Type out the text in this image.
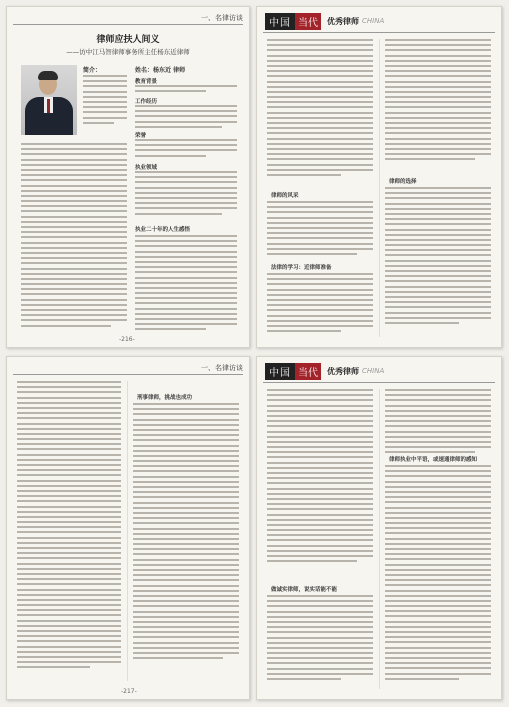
一、名律访谈
律师应扶人间义
——访中江马智律师事务所主任杨东近律师
简介：	姓名：杨东近 律师
教育背景
工作经历
荣誉
执业领域
执业二十年的人生感悟
-216-
中国 当代	优秀律师 CHINA
律师的风采
法律的学习：近律师准备
律师的选择
一、名律访谈
刑事律师，挑战也成功
-217-
中国 当代	优秀律师 CHINA
做诚实律师，说实话能不能
律师执业中平语，或速通律师的感知
